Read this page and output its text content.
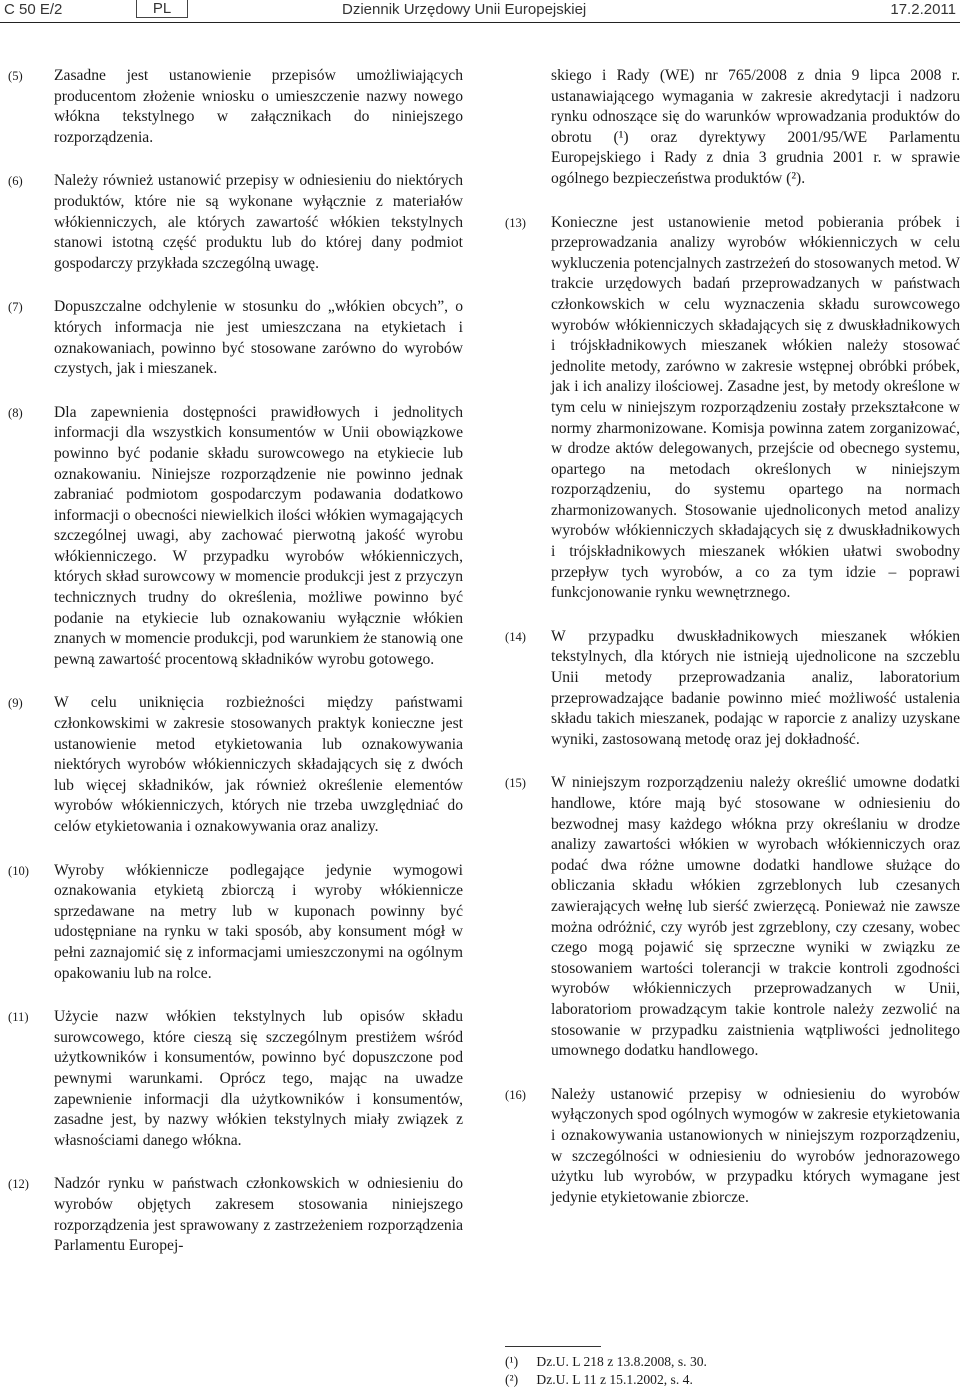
C 50 E/2	PL	Dziennik Urzędowy Unii Europejskiej	17.2.2011
(5) Zasadne jest ustanowienie przepisów umożliwiających producentom złożenie wniosku o umieszczenie nazwy nowego włókna tekstylnego w załącznikach do niniejszego rozporządzenia.
(6) Należy również ustanowić przepisy w odniesieniu do niektórych produktów, które nie są wykonane wyłącznie z materiałów włókienniczych, ale których zawartość włókien tekstylnych stanowi istotną część produktu lub do której dany podmiot gospodarczy przykłada szczególną uwagę.
(7) Dopuszczalne odchylenie w stosunku do „włókien obcych”, o których informacja nie jest umieszczana na etykietach i oznakowaniach, powinno być stosowane zarówno do wyrobów czystych, jak i mieszanek.
(8) Dla zapewnienia dostępności prawidłowych i jednolitych informacji dla wszystkich konsumentów w Unii obowiązkowe powinno być podanie składu surowcowego na etykiecie lub oznakowaniu. Niniejsze rozporządzenie nie powinno jednak zabraniać podmiotom gospodarczym podawania dodatkowo informacji o obecności niewielkich ilości włókien wymagających szczególnej uwagi, aby zachować pierwotną jakość wyrobu włókienniczego. W przypadku wyrobów włókienniczych, których skład surowcowy w momencie produkcji jest z przyczyn technicznych trudny do określenia, możliwe powinno być podanie na etykiecie lub oznakowaniu wyłącznie włókien znanych w momencie produkcji, pod warunkiem że stanowią one pewną zawartość procentową składników wyrobu gotowego.
(9) W celu uniknięcia rozbieżności między państwami członkowskimi w zakresie stosowanych praktyk konieczne jest ustanowienie metod etykietowania lub oznakowywania niektórych wyrobów włókienniczych składających się z dwóch lub więcej składników, jak również określenie elementów wyrobów włókienniczych, których nie trzeba uwzględniać do celów etykietowania i oznakowywania oraz analizy.
(10) Wyroby włókiennicze podlegające jedynie wymogowi oznakowania etykietą zbiorczą i wyroby włókiennicze sprzedawane na metry lub w kuponach powinny być udostępniane na rynku w taki sposób, aby konsument mógł w pełni zaznajomić się z informacjami umieszczonymi na ogólnym opakowaniu lub na rolce.
(11) Użycie nazw włókien tekstylnych lub opisów składu surowcowego, które cieszą się szczególnym prestiżem wśród użytkowników i konsumentów, powinno być dopuszczone pod pewnymi warunkami. Oprócz tego, mając na uwadze zapewnienie informacji dla użytkowników i konsumentów, zasadne jest, by nazwy włókien tekstylnych miały związek z własnościami danego włókna.
(12) Nadzór rynku w państwach członkowskich w odniesieniu do wyrobów objętych zakresem stosowania niniejszego rozporządzenia jest sprawowany z zastrzeżeniem rozporządzenia Parlamentu Europej-
skiego i Rady (WE) nr 765/2008 z dnia 9 lipca 2008 r. ustanawiającego wymagania w zakresie akredytacji i nadzoru rynku odnoszące się do warunków wprowadzania produktów do obrotu (¹) oraz dyrektywy 2001/95/WE Parlamentu Europejskiego i Rady z dnia 3 grudnia 2001 r. w sprawie ogólnego bezpieczeństwa produktów (²).
(13) Konieczne jest ustanowienie metod pobierania próbek i przeprowadzania analizy wyrobów włókienniczych w celu wykluczenia potencjalnych zastrzeżeń do stosowanych metod. W trakcie urzędowych badań przeprowadzanych w państwach członkowskich w celu wyznaczenia składu surowcowego wyrobów włókienniczych składających się z dwuskładnikowych i trójskładnikowych mieszanek włókien należy stosować jednolite metody, zarówno w zakresie wstępnej obróbki próbek, jak i ich analizy ilościowej. Zasadne jest, by metody określone w tym celu w niniejszym rozporządzeniu zostały przekształcone w normy zharmonizowane. Komisja powinna zatem zorganizować, w drodze aktów delegowanych, przejście od obecnego systemu, opartego na metodach określonych w niniejszym rozporządzeniu, do systemu opartego na normach zharmonizowanych. Stosowanie ujednoliconych metod analizy wyrobów włókienniczych składających się z dwuskładnikowych i trójskładnikowych mieszanek włókien ułatwi swobodny przepływ tych wyrobów, a co za tym idzie – poprawi funkcjonowanie rynku wewnętrznego.
(14) W przypadku dwuskładnikowych mieszanek włókien tekstylnych, dla których nie istnieją ujednolicone na szczeblu Unii metody przeprowadzania analiz, laboratorium przeprowadzające badanie powinno mieć możliwość ustalenia składu takich mieszanek, podając w raporcie z analizy uzyskane wyniki, zastosowaną metodę oraz jej dokładność.
(15) W niniejszym rozporządzeniu należy określić umowne dodatki handlowe, które mają być stosowane w odniesieniu do bezwodnej masy każdego włókna przy określaniu w drodze analizy zawartości włókien w wyrobach włókienniczych oraz podać dwa różne umowne dodatki handlowe służące do obliczania składu włókien zgrzeblonych lub czesanych zawierających wełnę lub sierść zwierzęcą. Ponieważ nie zawsze można odróżnić, czy wyrób jest zgrzeblony, czy czesany, wobec czego mogą pojawić się sprzeczne wyniki w związku ze stosowaniem wartości tolerancji w trakcie kontroli zgodności wyrobów włókienniczych przeprowadzanych w Unii, laboratoriom prowadzącym takie kontrole należy zezwolić na stosowanie w przypadku zaistnienia wątpliwości jednolitego umownego dodatku handlowego.
(16) Należy ustanowić przepisy w odniesieniu do wyrobów wyłączonych spod ogólnych wymogów w zakresie etykietowania i oznakowywania ustanowionych w niniejszym rozporządzeniu, w szczególności w odniesieniu do wyrobów jednorazowego użytku lub wyrobów, w przypadku których wymagane jest jedynie etykietowanie zbiorcze.
(¹) Dz.U. L 218 z 13.8.2008, s. 30.
(²) Dz.U. L 11 z 15.1.2002, s. 4.
